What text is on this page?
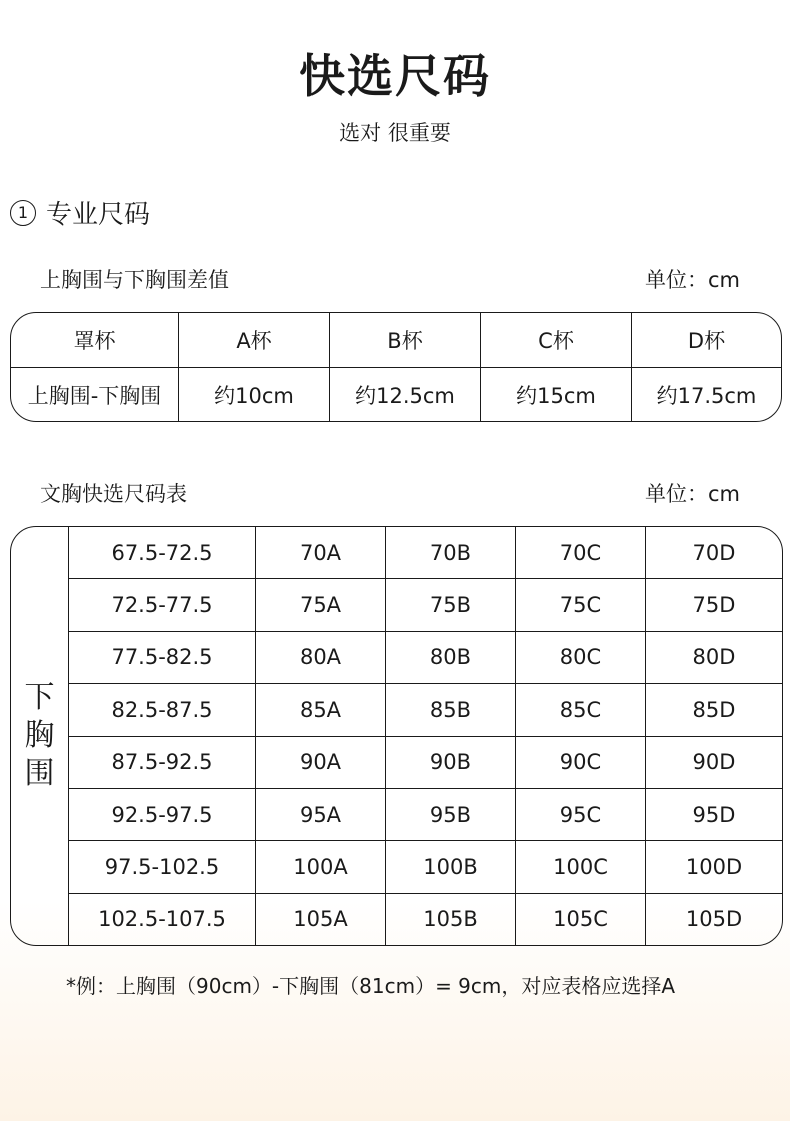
快选尺码
选对 很重要
1 专业尺码
上胸围与下胸围差值	单位：cm
罩杯	A杯	B杯	C杯	D杯
上胸围-下胸围	约10cm	约12.5cm	约15cm	约17.5cm
文胸快选尺码表	单位：cm
下
胸
围
67.5-72.5	70A	70B	70C	70D
72.5-77.5	75A	75B	75C	75D
77.5-82.5	80A	80B	80C	80D
82.5-87.5	85A	85B	85C	85D
87.5-92.5	90A	90B	90C	90D
92.5-97.5	95A	95B	95C	95D
97.5-102.5	100A	100B	100C	100D
102.5-107.5	105A	105B	105C	105D
*例：上胸围（90cm）-下胸围（81cm）= 9cm，对应表格应选择A
